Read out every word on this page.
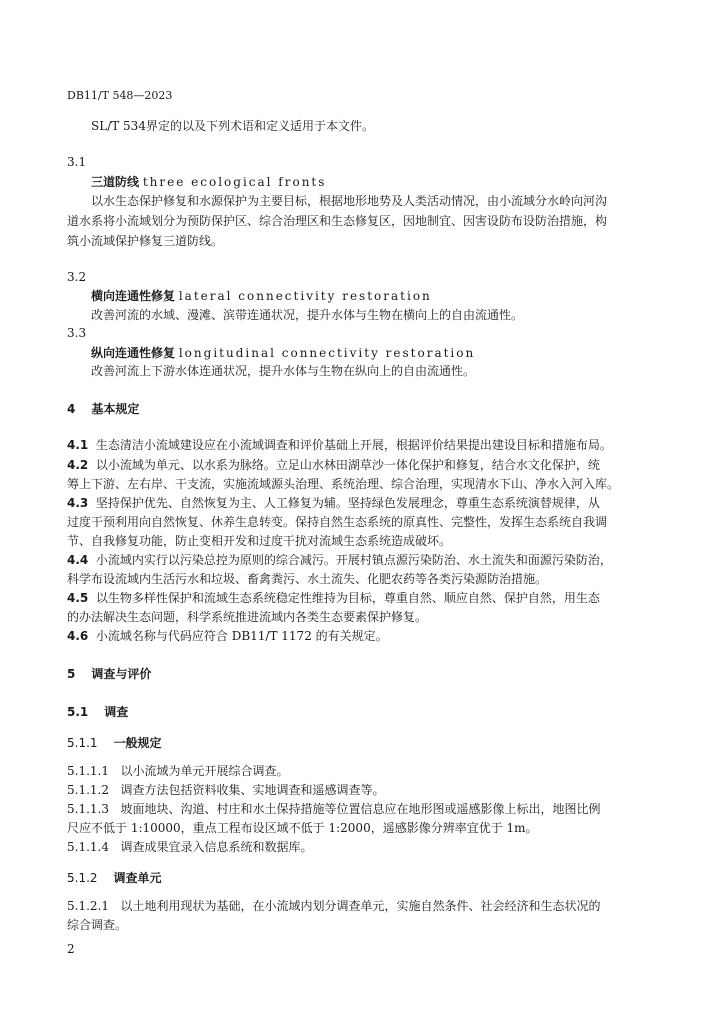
DB11/T 548—2023
SL/T 534界定的以及下列术语和定义适用于本文件。
3.1
三道防线 three ecological fronts
以水生态保护修复和水源保护为主要目标，根据地形地势及人类活动情况，由小流域分水岭向河沟
道水系将小流域划分为预防保护区、综合治理区和生态修复区，因地制宜、因害设防布设防治措施，构
筑小流域保护修复三道防线。
3.2
横向连通性修复 lateral connectivity restoration
改善河流的水域、漫滩、滨带连通状况，提升水体与生物在横向上的自由流通性。
3.3
纵向连通性修复 longitudinal connectivity restoration
改善河流上下游水体连通状况，提升水体与生物在纵向上的自由流通性。
4 基本规定
4.1 生态清洁小流域建设应在小流域调查和评价基础上开展，根据评价结果提出建设目标和措施布局。
4.2 以小流域为单元、以水系为脉络。立足山水林田湖草沙一体化保护和修复，结合水文化保护，统
筹上下游、左右岸、干支流，实施流域源头治理、系统治理、综合治理，实现清水下山、净水入河入库。
4.3 坚持保护优先、自然恢复为主、人工修复为辅。坚持绿色发展理念，尊重生态系统演替规律，从
过度干预利用向自然恢复、休养生息转变。保持自然生态系统的原真性、完整性，发挥生态系统自我调
节、自我修复功能，防止变相开发和过度干扰对流域生态系统造成破坏。
4.4 小流域内实行以污染总控为原则的综合减污。开展村镇点源污染防治、水土流失和面源污染防治，
科学布设流域内生活污水和垃圾、畜禽粪污、水土流失、化肥农药等各类污染源防治措施。
4.5 以生物多样性保护和流域生态系统稳定性维持为目标，尊重自然、顺应自然、保护自然，用生态
的办法解决生态问题，科学系统推进流域内各类生态要素保护修复。
4.6 小流域名称与代码应符合 DB11/T 1172 的有关规定。
5 调查与评价
5.1 调查
5.1.1 一般规定
5.1.1.1 以小流域为单元开展综合调查。
5.1.1.2 调查方法包括资料收集、实地调查和遥感调查等。
5.1.1.3 坡面地块、沟道、村庄和水土保持措施等位置信息应在地形图或遥感影像上标出，地图比例
尺应不低于 1:10000，重点工程布设区域不低于 1:2000，遥感影像分辨率宜优于 1m。
5.1.1.4 调查成果宜录入信息系统和数据库。
5.1.2 调查单元
5.1.2.1 以土地利用现状为基础，在小流域内划分调查单元，实施自然条件、社会经济和生态状况的
综合调查。
2
